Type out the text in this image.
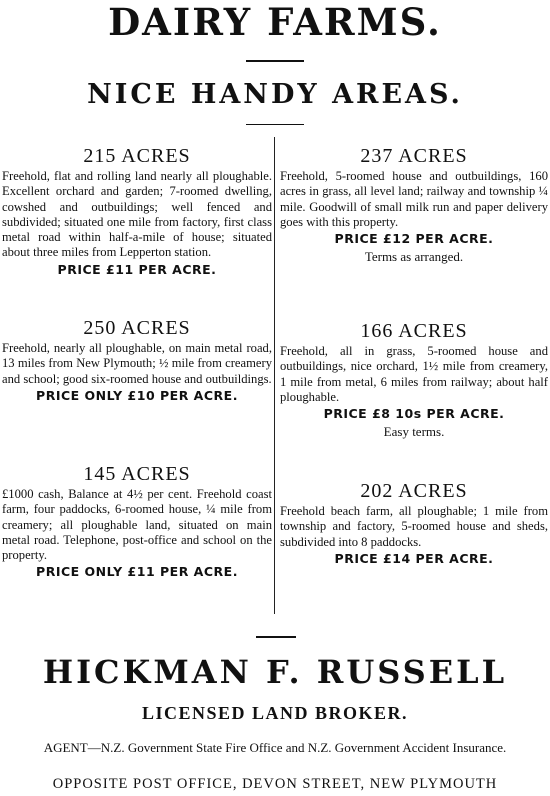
DAIRY FARMS.
NICE HANDY AREAS.

215 ACRES

Freehold, flat and rolling land nearly all ploughable. Excellent orchard and garden; 7-roomed dwelling, cowshed and outbuildings; well fenced and subdivided; situated one mile from factory, first class metal road within half-a-mile of house; situated about three miles from Lepperton station.

PRICE £11 PER ACRE.

250 ACRES

Freehold, nearly all ploughable, on main metal road, 13 miles from New Plymouth; ½ mile from creamery and school; good six-roomed house and outbuildings.

PRICE ONLY £10 PER ACRE.

145 ACRES

£1000 cash, Balance at 4½ per cent. Freehold coast farm, four paddocks, 6-roomed house, ¼ mile from creamery; all ploughable land, situated on main metal road. Telephone, post-office and school on the property.

PRICE ONLY £11 PER ACRE.

237 ACRES

Freehold, 5-roomed house and outbuildings, 160 acres in grass, all level land; railway and township ¼ mile. Goodwill of small milk run and paper delivery goes with this property.

PRICE £12 PER ACRE.

Terms as arranged.

166 ACRES

Freehold, all in grass, 5-roomed house and outbuildings, nice orchard, 1½ mile from creamery, 1 mile from metal, 6 miles from railway; about half ploughable.

PRICE £8 10s PER ACRE.

Easy terms.

202 ACRES

Freehold beach farm, all ploughable; 1 mile from township and factory, 5-roomed house and sheds, subdivided into 8 paddocks.

PRICE £14 PER ACRE.

HICKMAN F. RUSSELL
LICENSED LAND BROKER.
AGENT—N.Z. Government State Fire Office and N.Z. Government Accident Insurance.
OPPOSITE POST OFFICE, DEVON STREET, NEW PLYMOUTH
